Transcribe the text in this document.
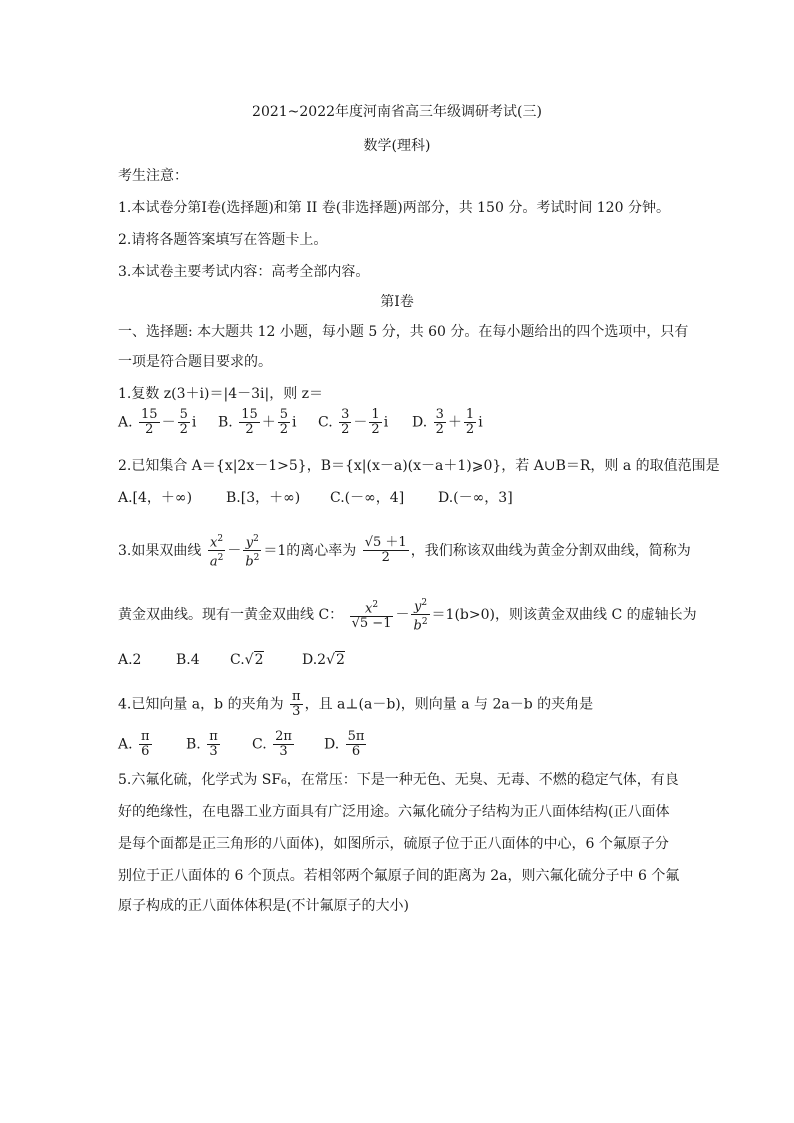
2021~2022年度河南省高三年级调研考试(三)
数学(理科)
考生注意：
1.本试卷分第Ⅰ卷(选择题)和第 II 卷(非选择题)两部分，共 150 分。考试时间 120 分钟。
2.请将各题答案填写在答题卡上。
3.本试卷主要考试内容：高考全部内容。
第Ⅰ卷
一、选择题: 本大题共 12 小题，每小题 5 分，共 60 分。在每小题给出的四个选项中，只有
一项是符合题目要求的。
1.复数 z(3＋i)＝|4－3i|，则 z＝
A. $\frac{15}{2} - \frac{5}{2}$ i B. $\frac{15}{2} + \frac{5}{2}$ i C. $\frac{3}{2} - \frac{1}{2}$ i D. $\frac{3}{2} + \frac{1}{2}$ i
2.已知集合 A＝{x|2x－1>5}，B＝{x|(x－a)(x－a＋1)⩾0}，若 A∪B＝R，则 a 的取值范围是
A.[4，＋∞) B.[3，＋∞) C.(－∞，4] D.(－∞，3]
3.如果双曲线 $\frac{x^2}{a^2} - \frac{y^2}{b^2} =1$的离心率为 $\frac{√5 +1}{2}$ ，我们称该双曲线为黄金分割双曲线，简称为
黄金双曲线。现有一黄金双曲线 C： $\frac{x^2}{√5 -1} - \frac{y^2}{b^2} =1(b>0)$，则该黄金双曲线 C 的虚轴长为
A.2 B.4 C.√2	D.2√2
4.已知向量 a，b 的夹角为 $\frac{\pi}{3}$ ，且 a⊥(a－b)，则向量 a 与 2a－b 的夹角是
A. $\frac{\pi}{6} B$. $\frac{\pi}{3} C$. $\frac{2\pi}{3} D$. $\frac{5\pi}{6}$
5.六氟化硫，化学式为 SF₆，在常压：下是一种无色、无臭、无毒、不燃的稳定气体，有良
好的绝缘性，在电器工业方面具有广泛用途。六氟化硫分子结构为正八面体结构(正八面体
是每个面都是正三角形的八面体)，如图所示，硫原子位于正八面体的中心，6 个氟原子分
别位于正八面体的 6 个顶点。若相邻两个氟原子间的距离为 2a，则六氟化硫分子中 6 个氟
原子构成的正八面体体积是(不计氟原子的大小)
